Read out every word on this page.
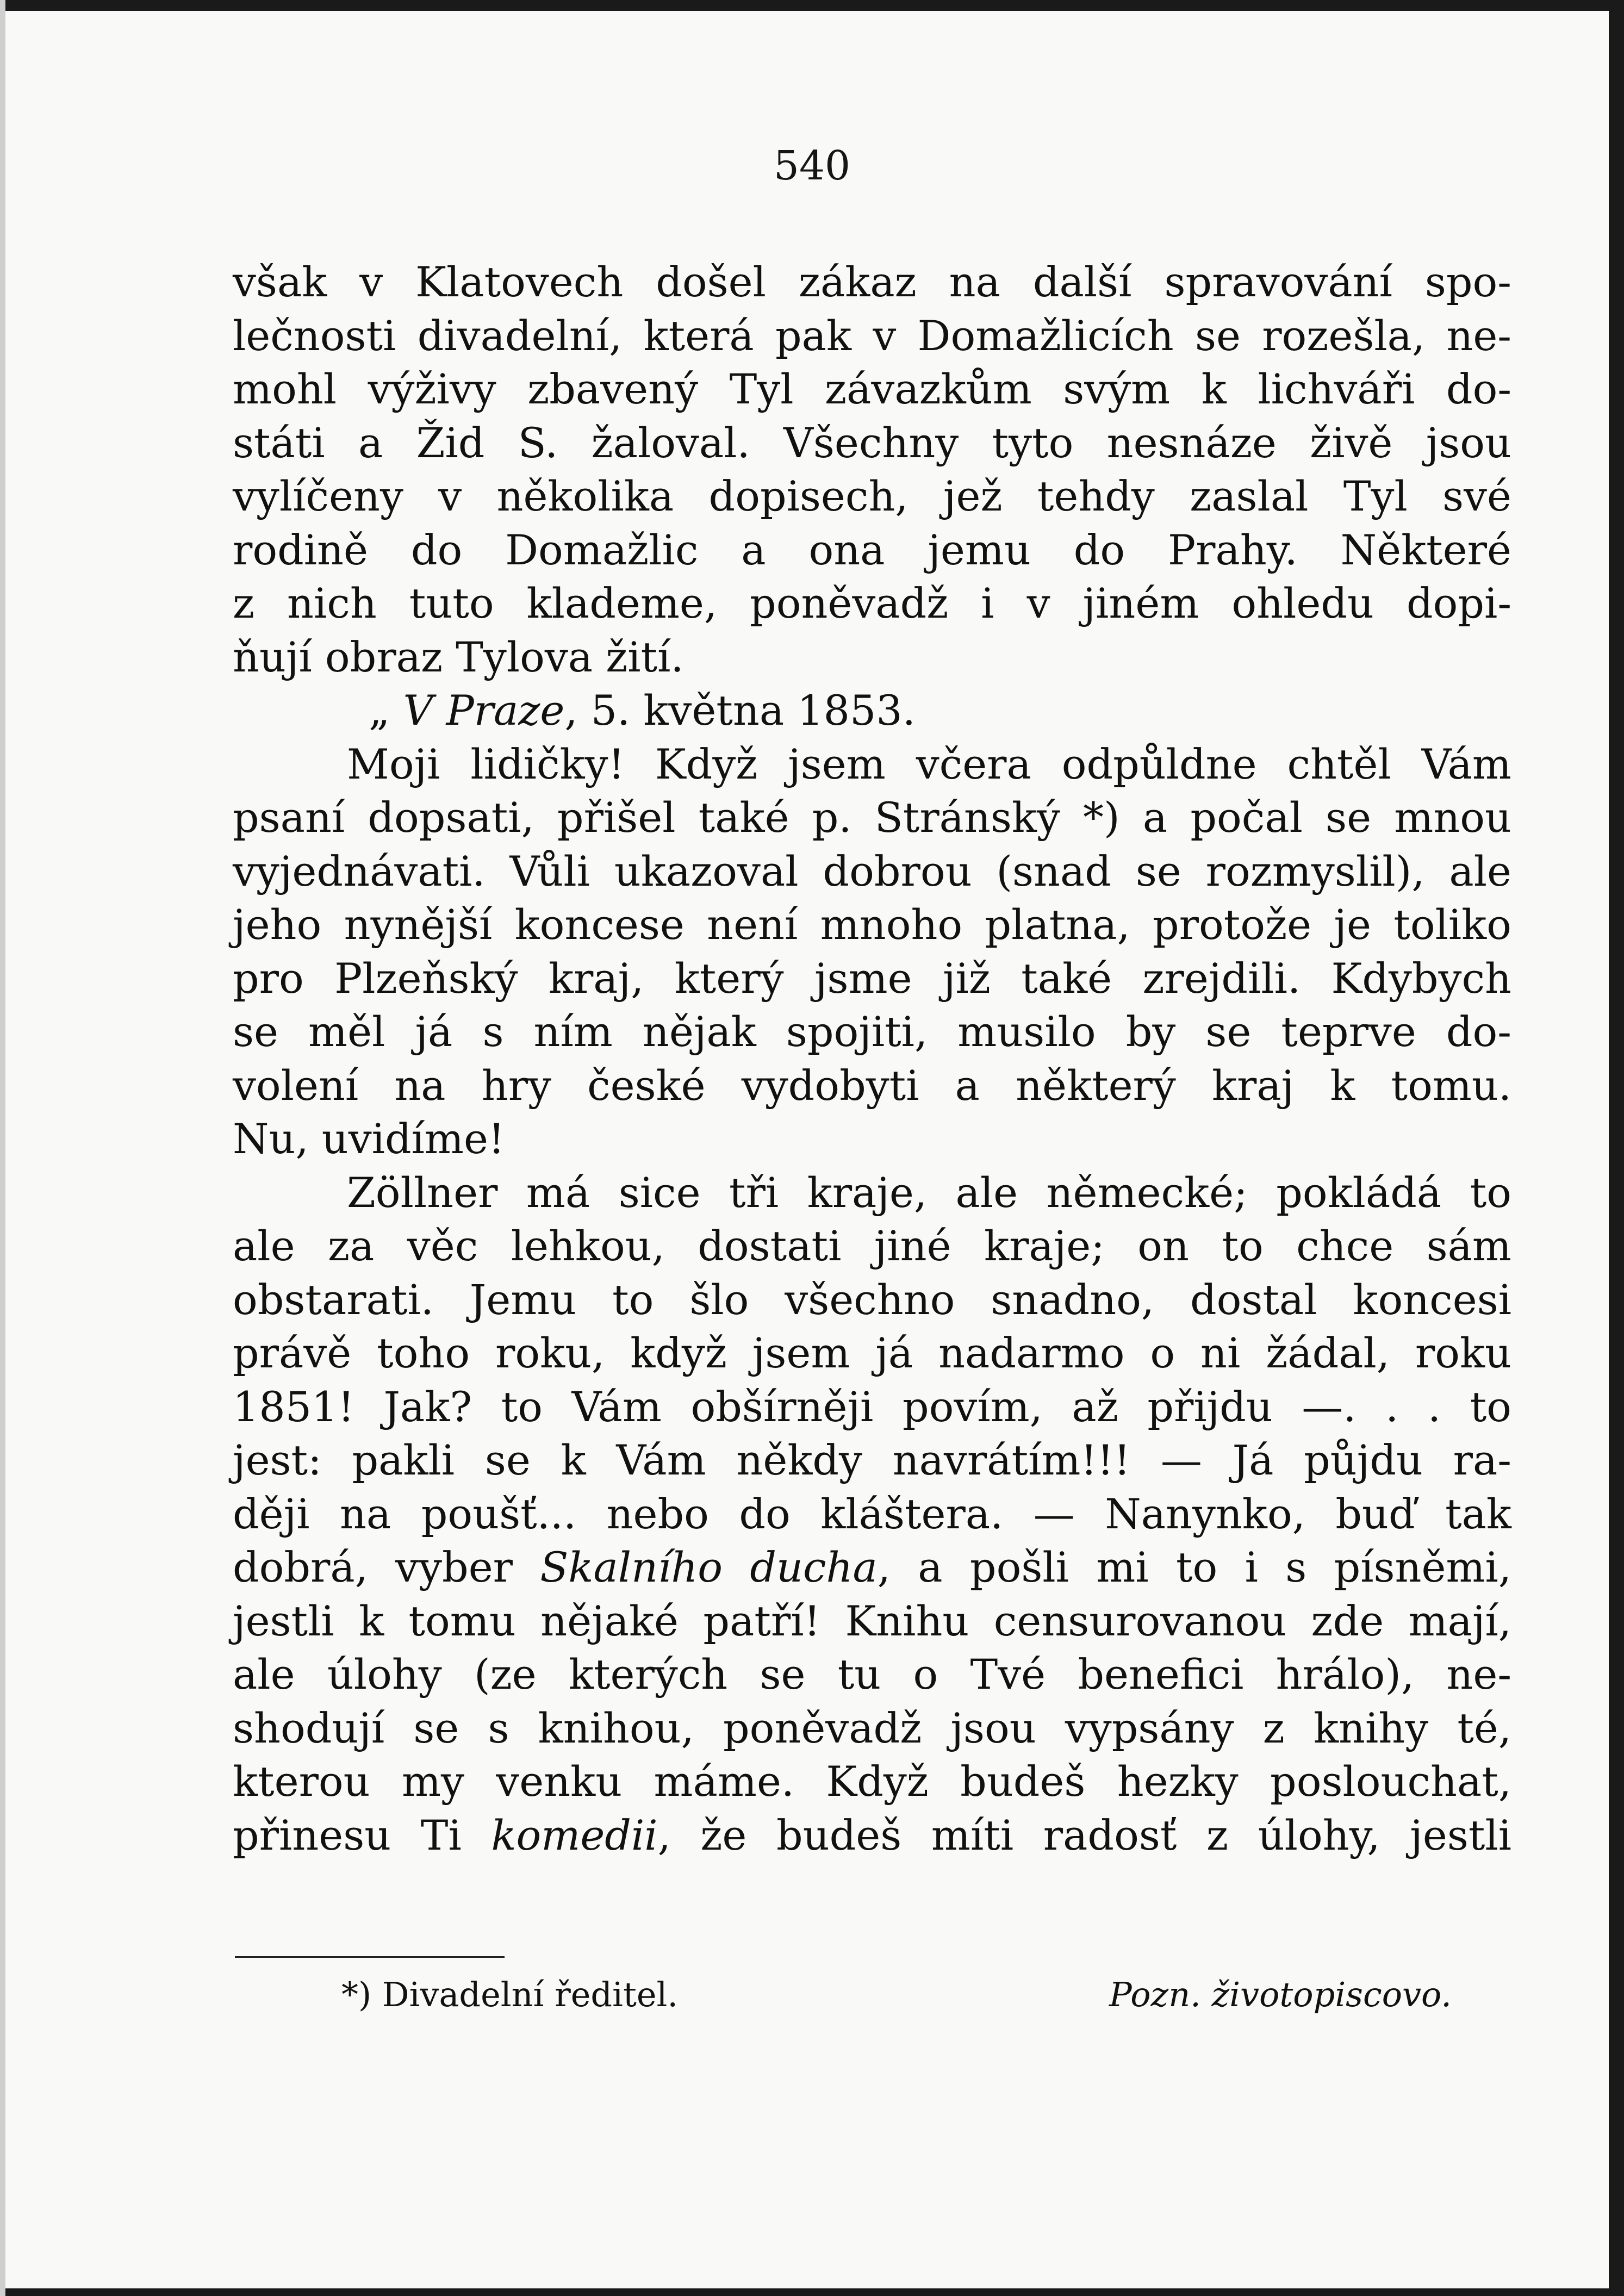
540
však v Klatovech došel zákaz na další spravování spo-
lečnosti divadelní, která pak v Domažlicích se rozešla, ne-
mohl výživy zbavený Tyl závazkům svým k lichváři do-
státi a Žid S. žaloval. Všechny tyto nesnáze živě jsou
vylíčeny v několika dopisech, jež tehdy zaslal Tyl své
rodině do Domažlic a ona jemu do Prahy. Některé
z nich tuto klademe, poněvadž i v jiném ohledu dopi-
ňují obraz Tylova žití.
„ V Praze, 5. května 1853.
Moji lidičky! Když jsem včera odpůldne chtěl Vám
psaní dopsati, přišel také p. Stránský *) a počal se mnou
vyjednávati. Vůli ukazoval dobrou (snad se rozmyslil), ale
jeho nynější koncese není mnoho platna, protože je toliko
pro Plzeňský kraj, který jsme již také zrejdili. Kdybych
se měl já s ním nějak spojiti, musilo by se teprve do-
volení na hry české vydobyti a některý kraj k tomu.
Nu, uvidíme!
Zöllner má sice tři kraje, ale německé; pokládá to
ale za věc lehkou, dostati jiné kraje; on to chce sám
obstarati. Jemu to šlo všechno snadno, dostal koncesi
právě toho roku, když jsem já nadarmo o ni žádal, roku
1851! Jak? to Vám obšírněji povím, až přijdu —. . . to
jest: pakli se k Vám někdy navrátím!!! — Já půjdu ra-
ději na poušť... nebo do kláštera. — Nanynko, buď tak
dobrá, vyber Skalního ducha, a pošli mi to i s písněmi,
jestli k tomu nějaké patří! Knihu censurovanou zde mají,
ale úlohy (ze kterých se tu o Tvé benefici hrálo), ne-
shodují se s knihou, poněvadž jsou vypsány z knihy té,
kterou my venku máme. Když budeš hezky poslouchat,
přinesu Ti komedii, že budeš míti radosť z úlohy, jestli
*) Divadelní ředitel.	Pozn. životopiscovo.
